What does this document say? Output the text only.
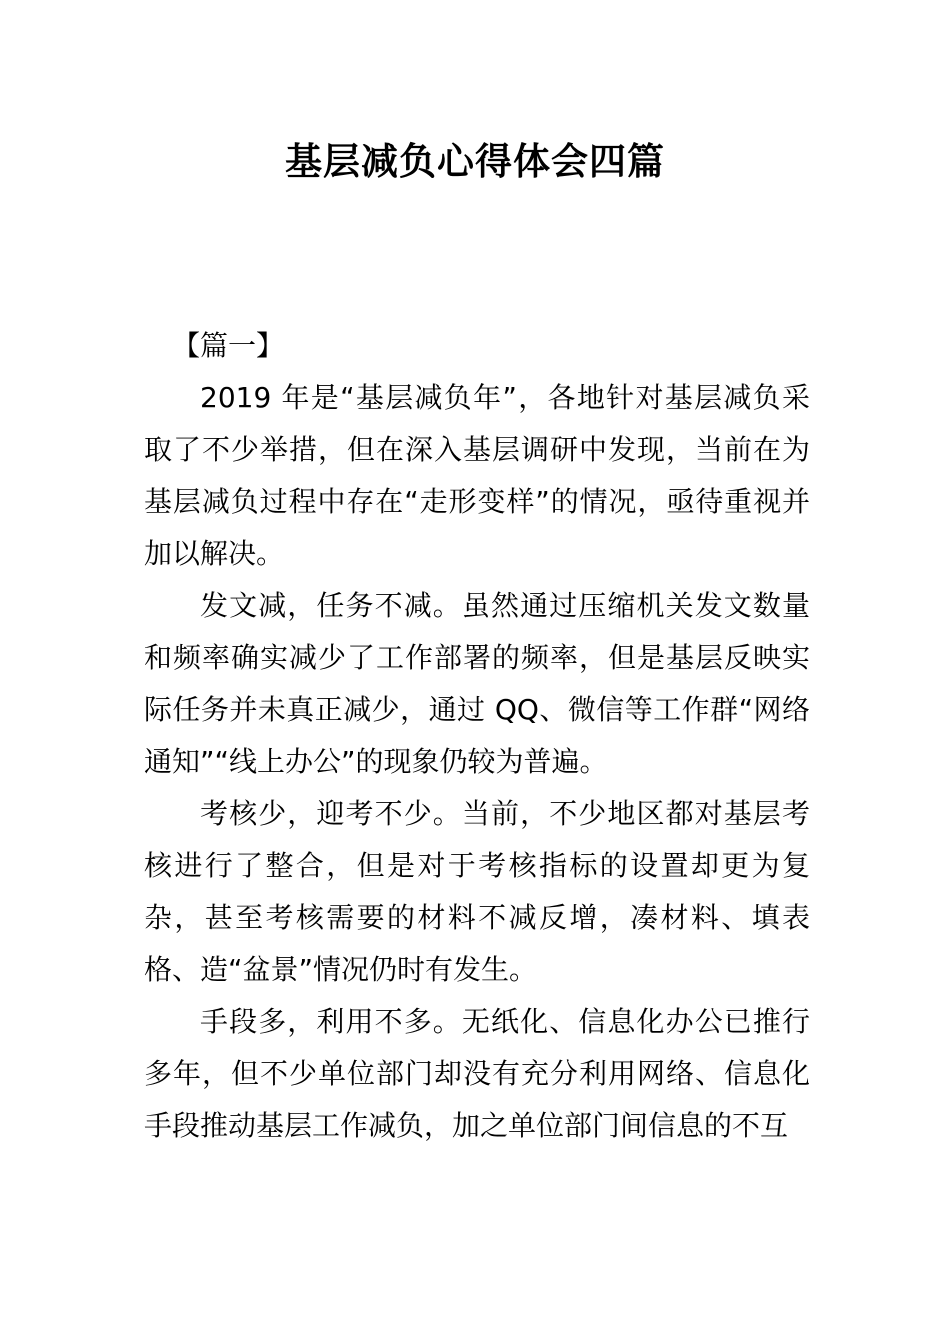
基层减负心得体会四篇

【篇一】

2019 年是“基层减负年”，各地针对基层减负采取了不少举措，但在深入基层调研中发现，当前在为基层减负过程中存在“走形变样”的情况，亟待重视并加以解决。

发文减，任务不减。虽然通过压缩机关发文数量和频率确实减少了工作部署的频率，但是基层反映实际任务并未真正减少，通过 QQ、微信等工作群“网络通知”“线上办公”的现象仍较为普遍。

考核少，迎考不少。当前，不少地区都对基层考核进行了整合，但是对于考核指标的设置却更为复杂，甚至考核需要的材料不减反增，凑材料、填表格、造“盆景”情况仍时有发生。

手段多，利用不多。无纸化、信息化办公已推行多年，但不少单位部门却没有充分利用网络、信息化手段推动基层工作减负，加之单位部门间信息的不互
